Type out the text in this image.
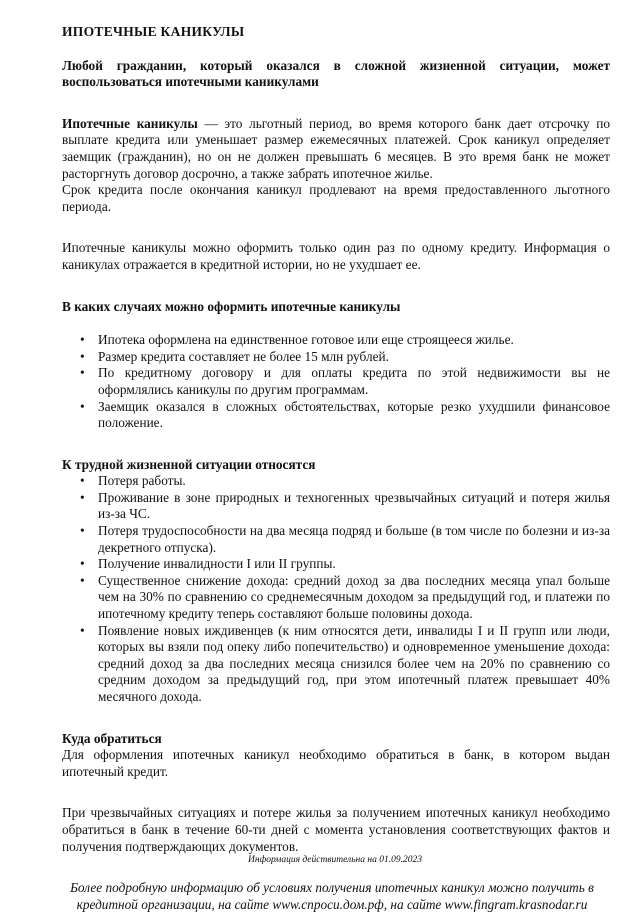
ИПОТЕЧНЫЕ КАНИКУЛЫ
Любой гражданин, который оказался в сложной жизненной ситуации, может воспользоваться ипотечными каникулами

Ипотечные каникулы — это льготный период, во время которого банк дает отсрочку по выплате кредита или уменьшает размер ежемесячных платежей. Срок каникул определяет заемщик (гражданин), но он не должен превышать 6 месяцев. В это время банк не может расторгнуть договор досрочно, а также забрать ипотечное жилье.

Срок кредита после окончания каникул продлевают на время предоставленного льготного периода.

Ипотечные каникулы можно оформить только один раз по одному кредиту. Информация о каникулах отражается в кредитной истории, но не ухудшает ее.

В каких случаях можно оформить ипотечные каникулы
• Ипотека оформлена на единственное готовое или еще строящееся жилье.
• Размер кредита составляет не более 15 млн рублей.
• По кредитному договору и для оплаты кредита по этой недвижимости вы не оформлялись каникулы по другим программам.
• Заемщик оказался в сложных обстоятельствах, которые резко ухудшили финансовое положение.
К трудной жизненной ситуации относятся
• Потеря работы.
• Проживание в зоне природных и техногенных чрезвычайных ситуаций и потеря жилья из-за ЧС.
• Потеря трудоспособности на два месяца подряд и больше (в том числе по болезни и из-за декретного отпуска).
• Получение инвалидности I или II группы.
• Существенное снижение дохода: средний доход за два последних месяца упал больше чем на 30% по сравнению со среднемесячным доходом за предыдущий год, и платежи по ипотечному кредиту теперь составляют больше половины дохода.
• Появление новых иждивенцев (к ним относятся дети, инвалиды I и II групп или люди, которых вы взяли под опеку либо попечительство) и одновременное уменьшение дохода: средний доход за два последних месяца снизился более чем на 20% по сравнению со средним доходом за предыдущий год, при этом ипотечный платеж превышает 40% месячного дохода.
Куда обратиться

Для оформления ипотечных каникул необходимо обратиться в банк, в котором выдан ипотечный кредит.

При чрезвычайных ситуациях и потере жилья за получением ипотечных каникул необходимо обратиться в банк в течение 60-ти дней с момента установления соответствующих фактов и получения подтверждающих документов.

Более подробную информацию об условиях получения ипотечных каникул можно получить в кредитной организации, на сайте www.спроси.дом.рф, на сайте www.fingram.krasnodar.ru
Информация действительна на 01.09.2023
